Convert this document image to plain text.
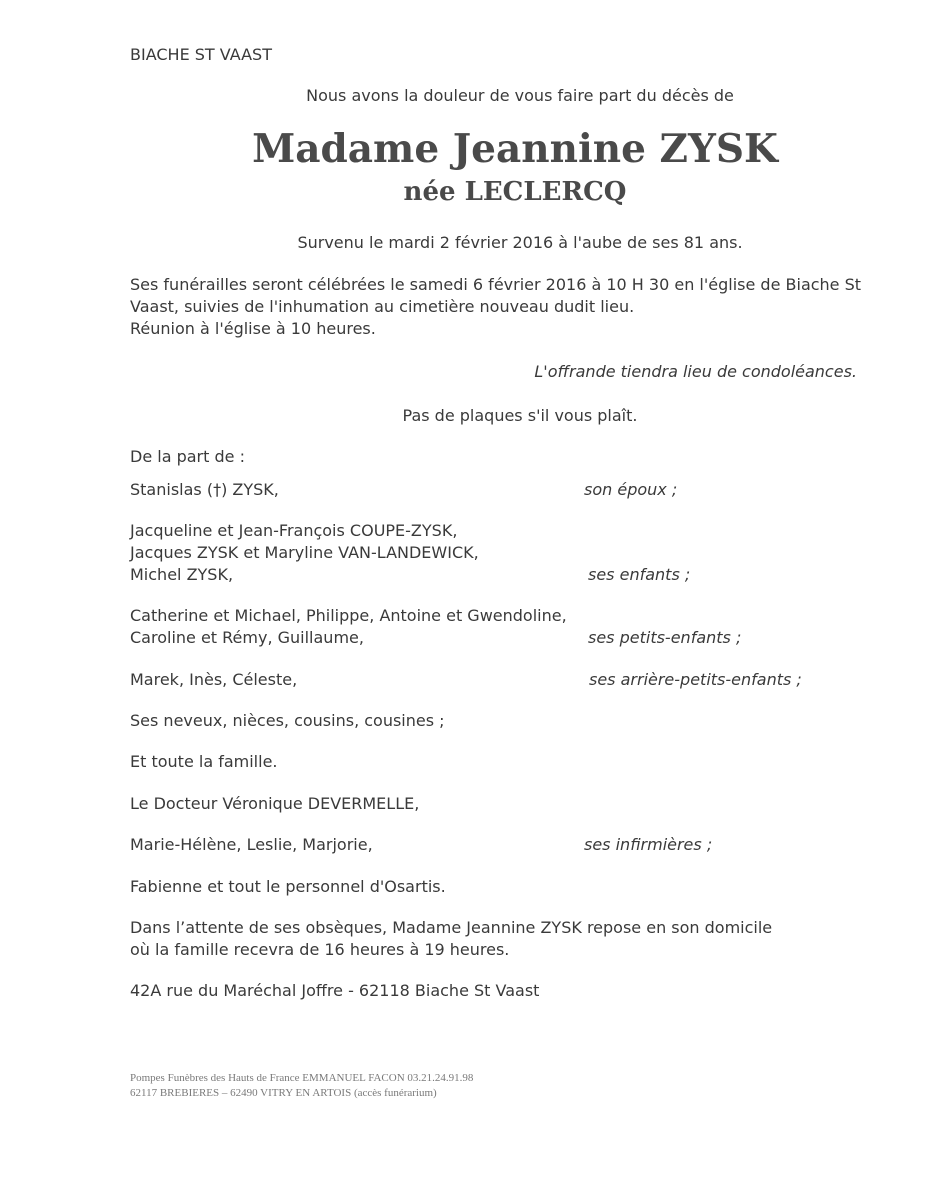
BIACHE ST VAAST

Nous avons la douleur de vous faire part du décès de

Madame Jeannine ZYSK
née LECLERCQ

Survenu le mardi 2 février 2016 à l'aube de ses 81 ans.

Ses funérailles seront célébrées le samedi 6 février 2016 à 10 H 30 en l'église de Biache St

Vaast, suivies de l'inhumation au cimetière nouveau dudit lieu.

Réunion à l'église à 10 heures.

L'offrande tiendra lieu de condoléances.

Pas de plaques s'il vous plaît.

De la part de :

Stanislas (†) ZYSK,	son époux ;

Jacqueline et Jean-François COUPE-ZYSK,

Jacques ZYSK et Maryline VAN-LANDEWICK,

Michel ZYSK,	ses enfants ;

Catherine et Michael, Philippe, Antoine et Gwendoline,

Caroline et Rémy, Guillaume,	ses petits-enfants ;

Marek, Inès, Céleste,	ses arrière-petits-enfants ;

Ses neveux, nièces, cousins, cousines ;

Et toute la famille.

Le Docteur Véronique DEVERMELLE,

Marie-Hélène, Leslie, Marjorie,	ses infirmières ;

Fabienne et tout le personnel d'Osartis.

Dans l’attente de ses obsèques, Madame Jeannine ZYSK repose en son domicile

où la famille recevra de 16 heures à 19 heures.

42A rue du Maréchal Joffre - 62118 Biache St Vaast

Pompes Funèbres des Hauts de France EMMANUEL FACON 03.21.24.91.98
62117 BREBIERES – 62490 VITRY EN ARTOIS (accès funérarium)
